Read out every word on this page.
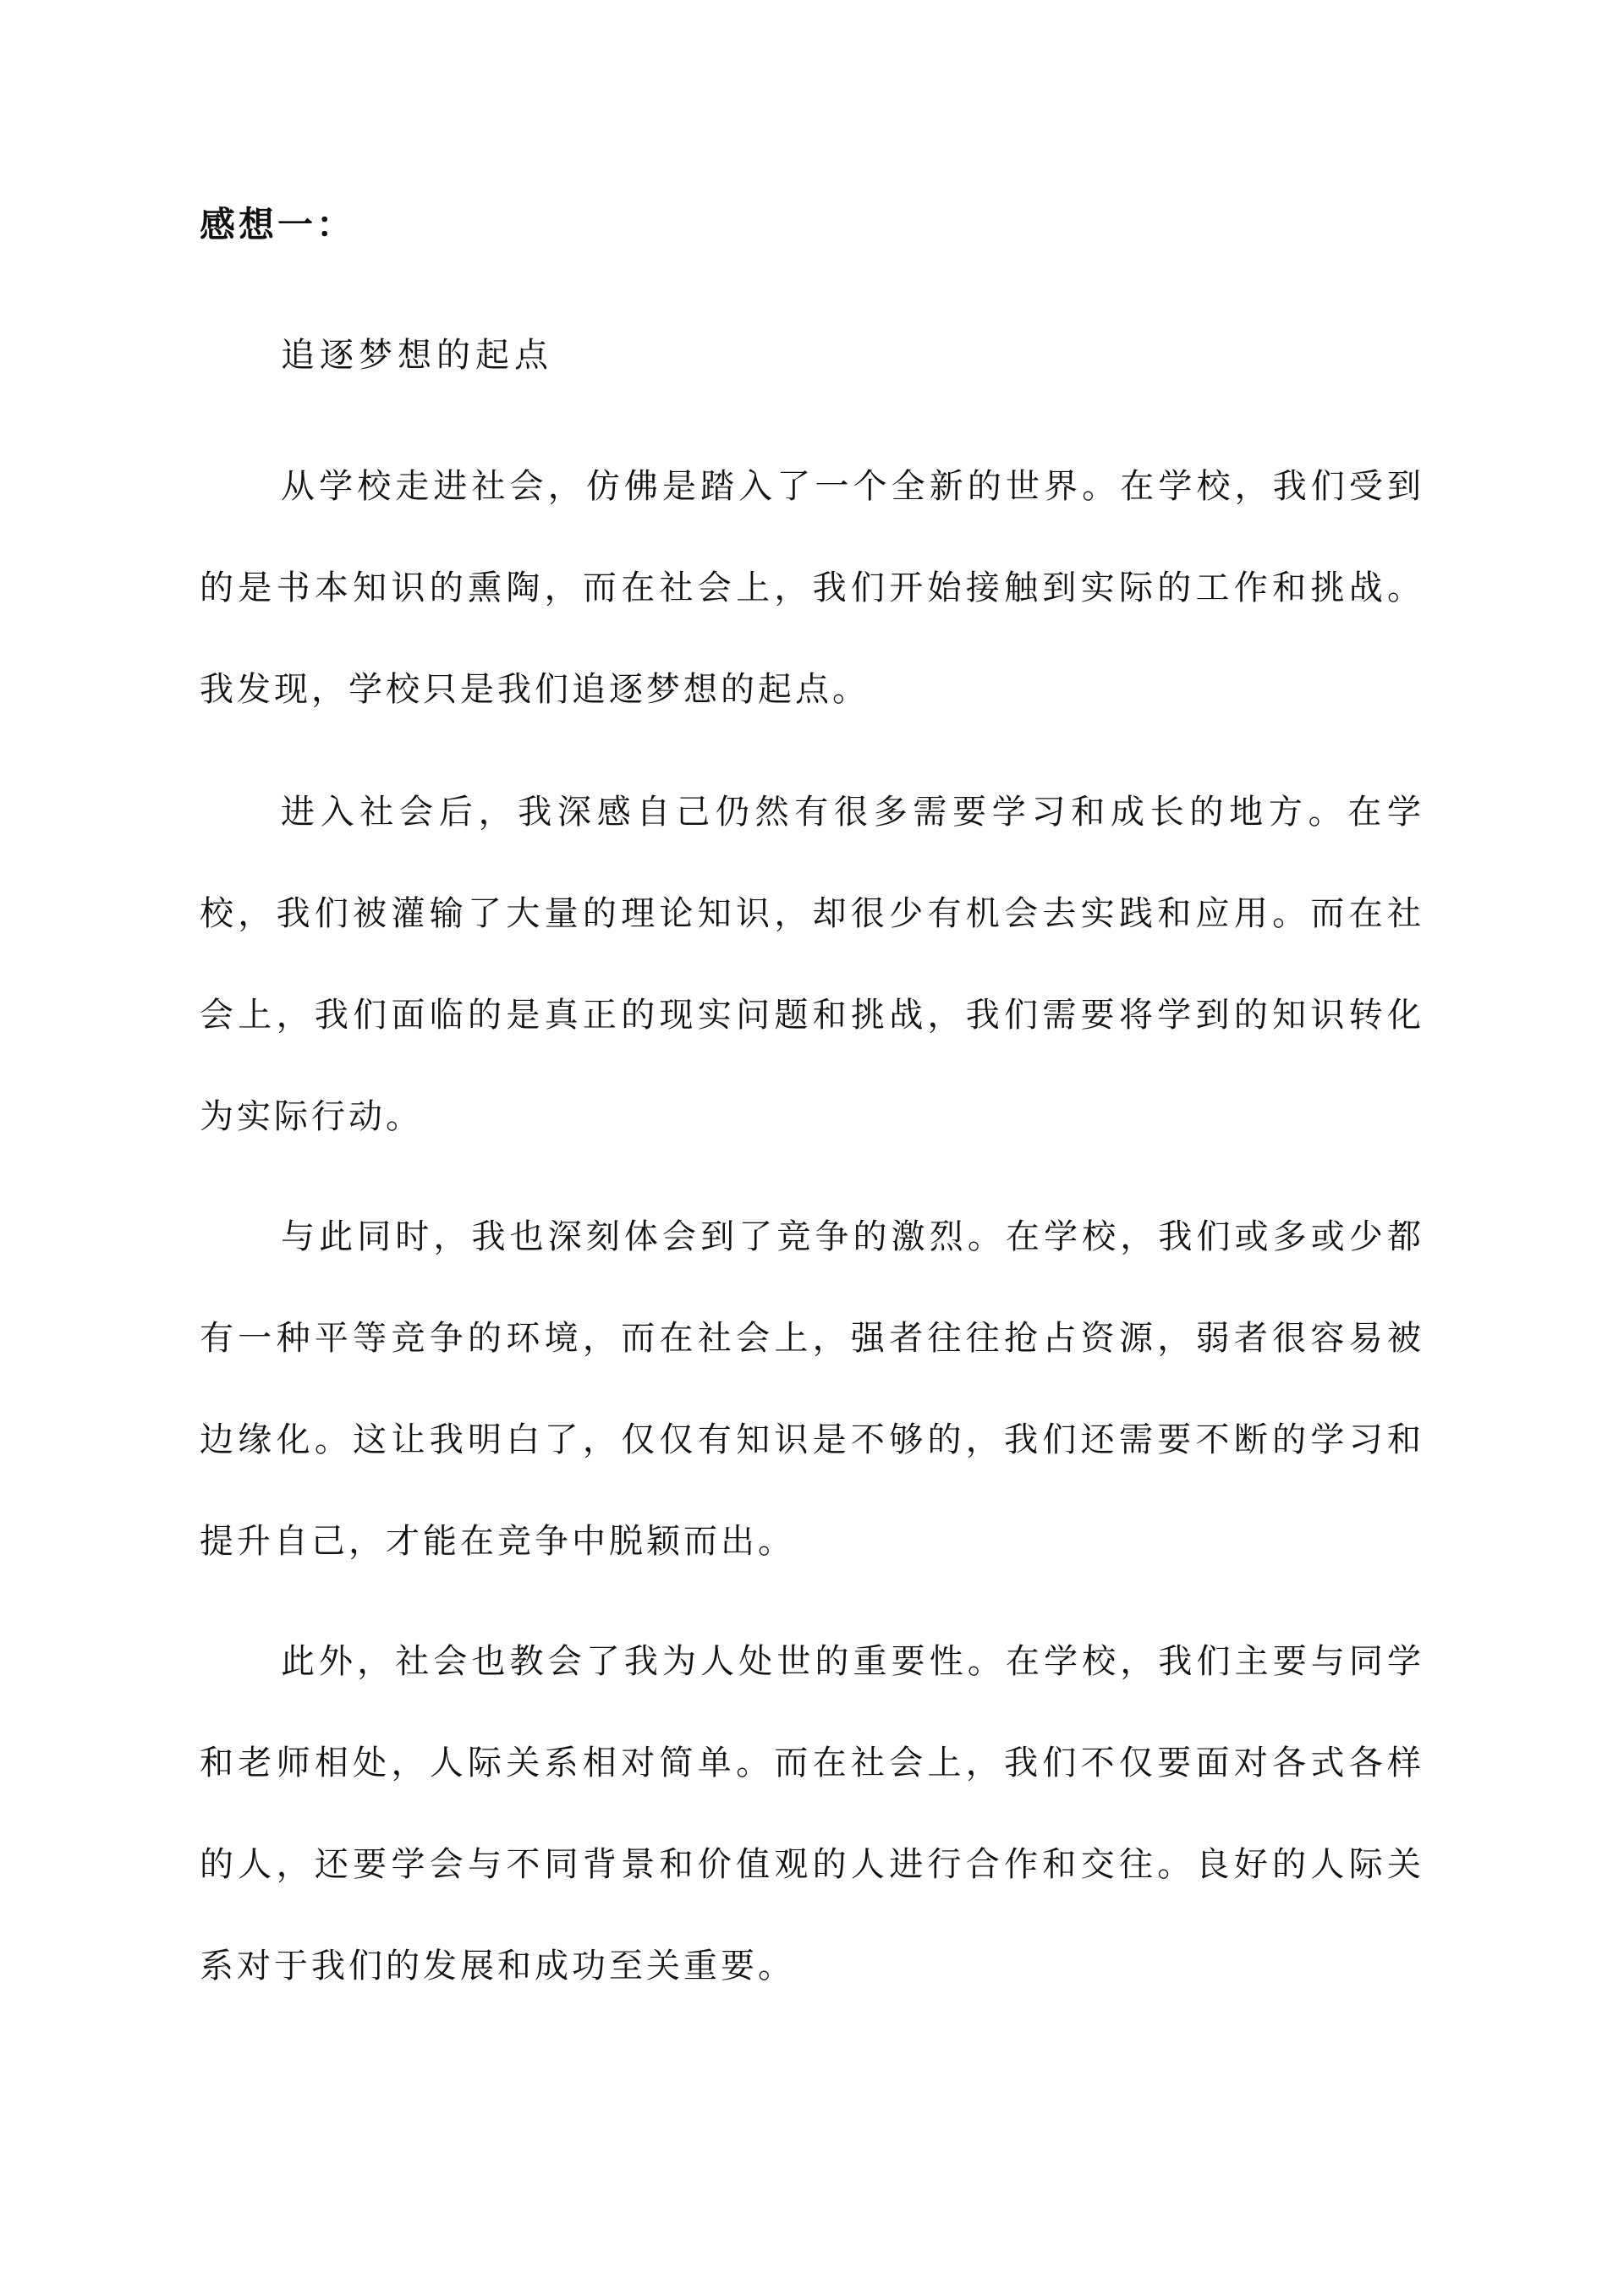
感想一：
追逐梦想的起点

从学校走进社会，仿佛是踏入了一个全新的世界。在学校，我们受到的是书本知识的熏陶，而在社会上，我们开始接触到实际的工作和挑战。我发现，学校只是我们追逐梦想的起点。

进入社会后，我深感自己仍然有很多需要学习和成长的地方。在学校，我们被灌输了大量的理论知识，却很少有机会去实践和应用。而在社会上，我们面临的是真正的现实问题和挑战，我们需要将学到的知识转化为实际行动。

与此同时，我也深刻体会到了竞争的激烈。在学校，我们或多或少都有一种平等竞争的环境，而在社会上，强者往往抢占资源，弱者很容易被边缘化。这让我明白了，仅仅有知识是不够的，我们还需要不断的学习和提升自己，才能在竞争中脱颖而出。

此外，社会也教会了我为人处世的重要性。在学校，我们主要与同学和老师相处，人际关系相对简单。而在社会上，我们不仅要面对各式各样的人，还要学会与不同背景和价值观的人进行合作和交往。良好的人际关系对于我们的发展和成功至关重要。
